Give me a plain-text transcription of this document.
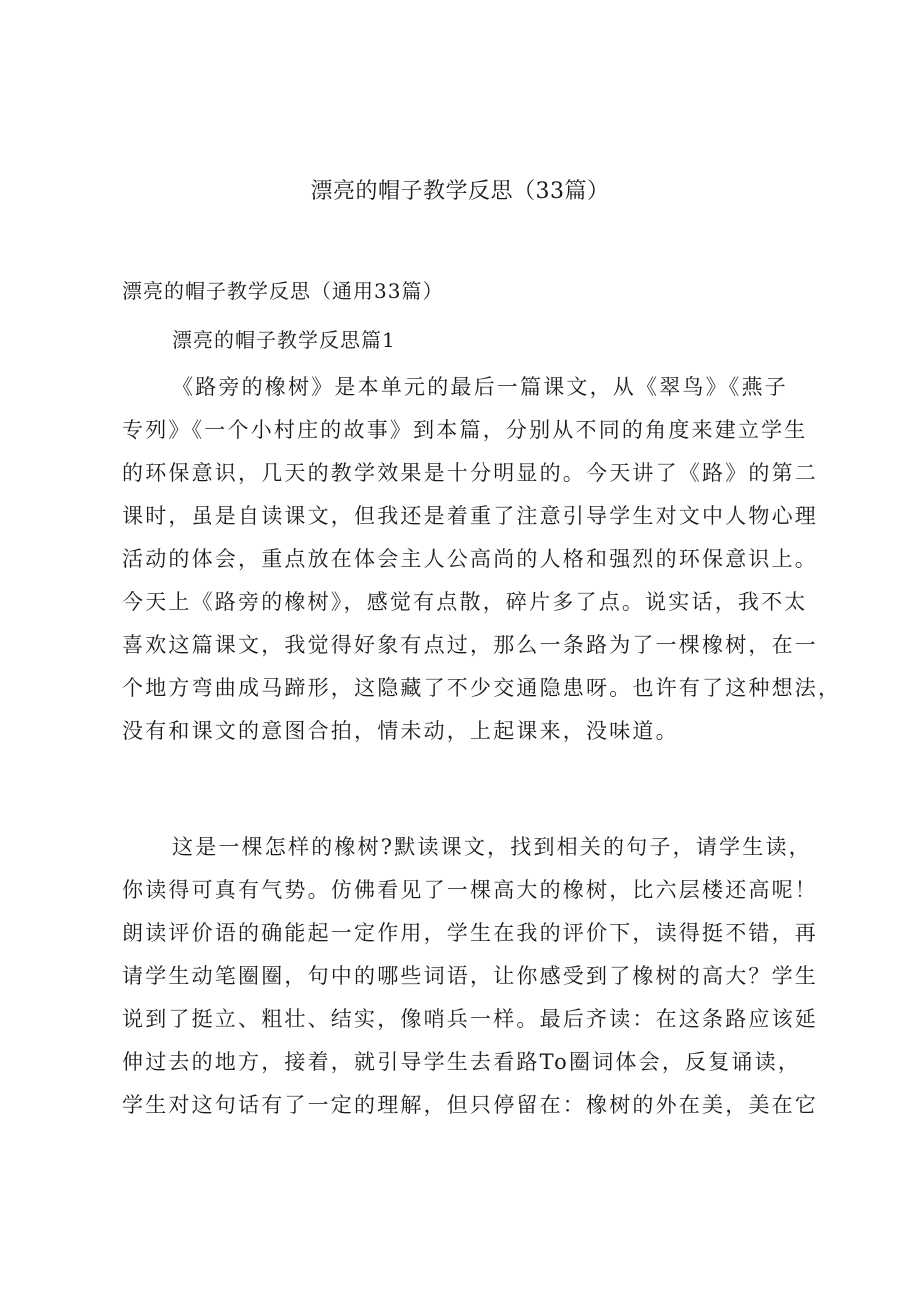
漂亮的帽子教学反思（33篇）
漂亮的帽子教学反思（通用33篇）
漂亮的帽子教学反思篇1
《路旁的橡树》是本单元的最后一篇课文，从《翠鸟》《燕子
专列》《一个小村庄的故事》到本篇，分别从不同的角度来建立学生
的环保意识，几天的教学效果是十分明显的。今天讲了《路》的第二
课时，虽是自读课文，但我还是着重了注意引导学生对文中人物心理
活动的体会，重点放在体会主人公高尚的人格和强烈的环保意识上。
今天上《路旁的橡树》，感觉有点散，碎片多了点。说实话，我不太
喜欢这篇课文，我觉得好象有点过，那么一条路为了一棵橡树，在一
个地方弯曲成马蹄形，这隐藏了不少交通隐患呀。也许有了这种想法，
没有和课文的意图合拍，情未动，上起课来，没味道。
这是一棵怎样的橡树?默读课文，找到相关的句子，请学生读，
你读得可真有气势。仿佛看见了一棵高大的橡树，比六层楼还高呢！
朗读评价语的确能起一定作用，学生在我的评价下，读得挺不错，再
请学生动笔圈圈，句中的哪些词语，让你感受到了橡树的高大？学生
说到了挺立、粗壮、结实，像哨兵一样。最后齐读：在这条路应该延
伸过去的地方，接着，就引导学生去看路To圈词体会，反复诵读，
学生对这句话有了一定的理解，但只停留在：橡树的外在美，美在它
